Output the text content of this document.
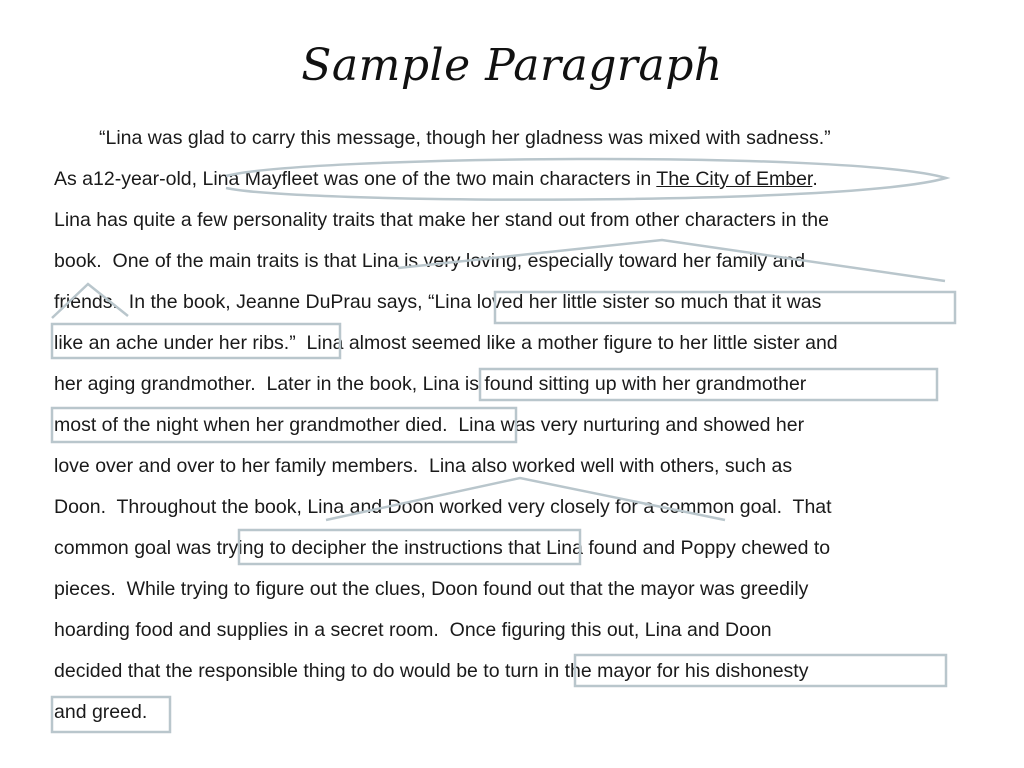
Sample Paragraph
“Lina was glad to carry this message, though her gladness was mixed with sadness.”
As a12-year-old, Lina Mayfleet was one of the two main characters in The City of Ember.
Lina has quite a few personality traits that make her stand out from other characters in the
book.  One of the main traits is that Lina is very loving, especially toward her family and
friends.  In the book, Jeanne DuPrau says, “Lina loved her little sister so much that it was
like an ache under her ribs.”  Lina almost seemed like a mother figure to her little sister and
her aging grandmother.  Later in the book, Lina is found sitting up with her grandmother
most of the night when her grandmother died.  Lina was very nurturing and showed her
love over and over to her family members.  Lina also worked well with others, such as
Doon.  Throughout the book, Lina and Doon worked very closely for a common goal.  That
common goal was trying to decipher the instructions that Lina found and Poppy chewed to
pieces.  While trying to figure out the clues, Doon found out that the mayor was greedily
hoarding food and supplies in a secret room.  Once figuring this out, Lina and Doon
decided that the responsible thing to do would be to turn in the mayor for his dishonesty
and greed.
